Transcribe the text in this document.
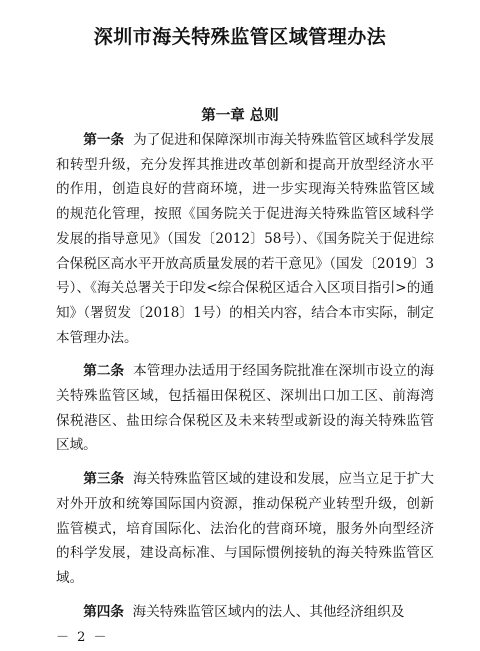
深圳市海关特殊监管区域管理办法
第一章 总则

第一条 为了促进和保障深圳市海关特殊监管区域科学发展和转型升级，充分发挥其推进改革创新和提高开放型经济水平的作用，创造良好的营商环境，进一步实现海关特殊监管区域的规范化管理，按照《国务院关于促进海关特殊监管区域科学发展的指导意见》（国发〔2012〕58号）、《国务院关于促进综合保税区高水平开放高质量发展的若干意见》（国发〔2019〕3号）、《海关总署关于印发<综合保税区适合入区项目指引>的通知》（署贸发〔2018〕1号）的相关内容，结合本市实际，制定本管理办法。

第二条 本管理办法适用于经国务院批准在深圳市设立的海关特殊监管区域，包括福田保税区、深圳出口加工区、前海湾保税港区、盐田综合保税区及未来转型或新设的海关特殊监管区域。

第三条 海关特殊监管区域的建设和发展，应当立足于扩大对外开放和统筹国际国内资源，推动保税产业转型升级，创新监管模式，培育国际化、法治化的营商环境，服务外向型经济的科学发展，建设高标准、与国际惯例接轨的海关特殊监管区域。

第四条 海关特殊监管区域内的法人、其他经济组织及

－ 2 －
